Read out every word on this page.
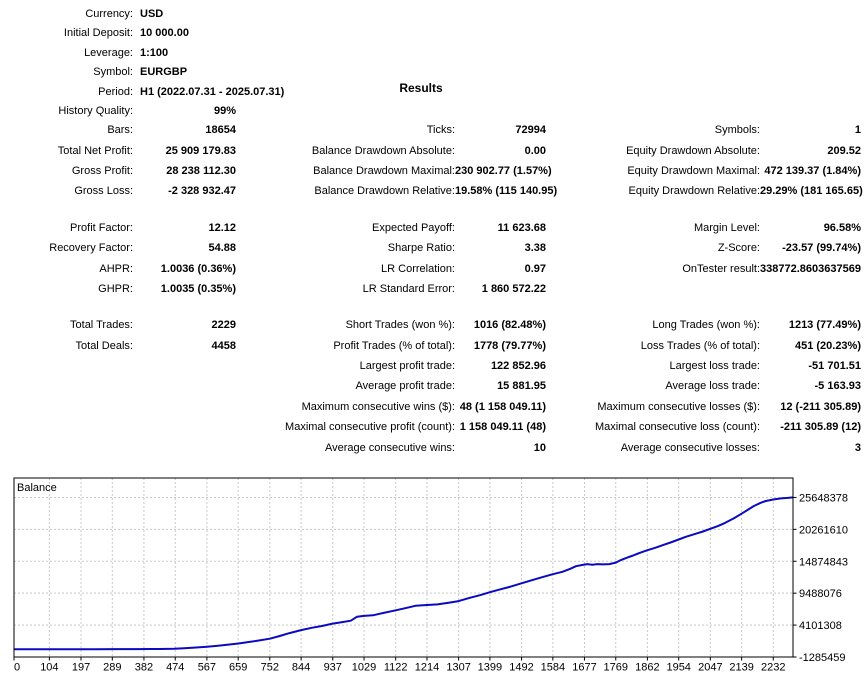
Currency: USD
Initial Deposit: 10 000.00
Leverage: 1:100
Symbol: EURGBP
Period: H1 (2022.07.31 - 2025.07.31)
History Quality:	99%
Results
Bars:	18654	Ticks:	72994	Symbols:	1
Total Net Profit:	25 909 179.83	Balance Drawdown Absolute:	0.00	Equity Drawdown Absolute:	209.52
Gross Profit:	28 238 112.30	Balance Drawdown Maximal: 230 902.77 (1.57%)	Equity Drawdown Maximal: 472 139.37 (1.84%)
Gross Loss:	-2 328 932.47	Balance Drawdown Relative: 19.58% (115 140.95)	Equity Drawdown Relative: 29.29% (181 165.65)
Profit Factor:	12.12	Expected Payoff:	11 623.68	Margin Level:	96.58%
Recovery Factor:	54.88	Sharpe Ratio:	3.38	Z-Score:	-23.57 (99.74%)
AHPR:	1.0036 (0.36%)	LR Correlation:	0.97	OnTester result: 338772.8603637569
GHPR:	1.0035 (0.35%)	LR Standard Error:	1 860 572.22
Total Trades:	2229	Short Trades (won %):	1016 (82.48%)	Long Trades (won %):	1213 (77.49%)
Total Deals:	4458	Profit Trades (% of total):	1778 (79.77%)	Loss Trades (% of total):	451 (20.23%)
Largest profit trade:	122 852.96	Largest loss trade:	-51 701.51
Average profit trade:	15 881.95	Average loss trade:	-5 163.93
Maximum consecutive wins ($): 48 (1 158 049.11)	Maximum consecutive losses ($):	12 (-211 305.89)
Maximal consecutive profit (count): 1 158 049.11 (48)	Maximal consecutive loss (count):	-211 305.89 (12)
Average consecutive wins:	10	Average consecutive losses:	3
0 104 197 289 382 474 567 659 752 844 937 1029 1122 1214 1307 1399 1492 1584 1677 1769 1862 1954 2047 2139 2232
25648378
20261610
14874843
9488076
4101308
-1285459
Balance
